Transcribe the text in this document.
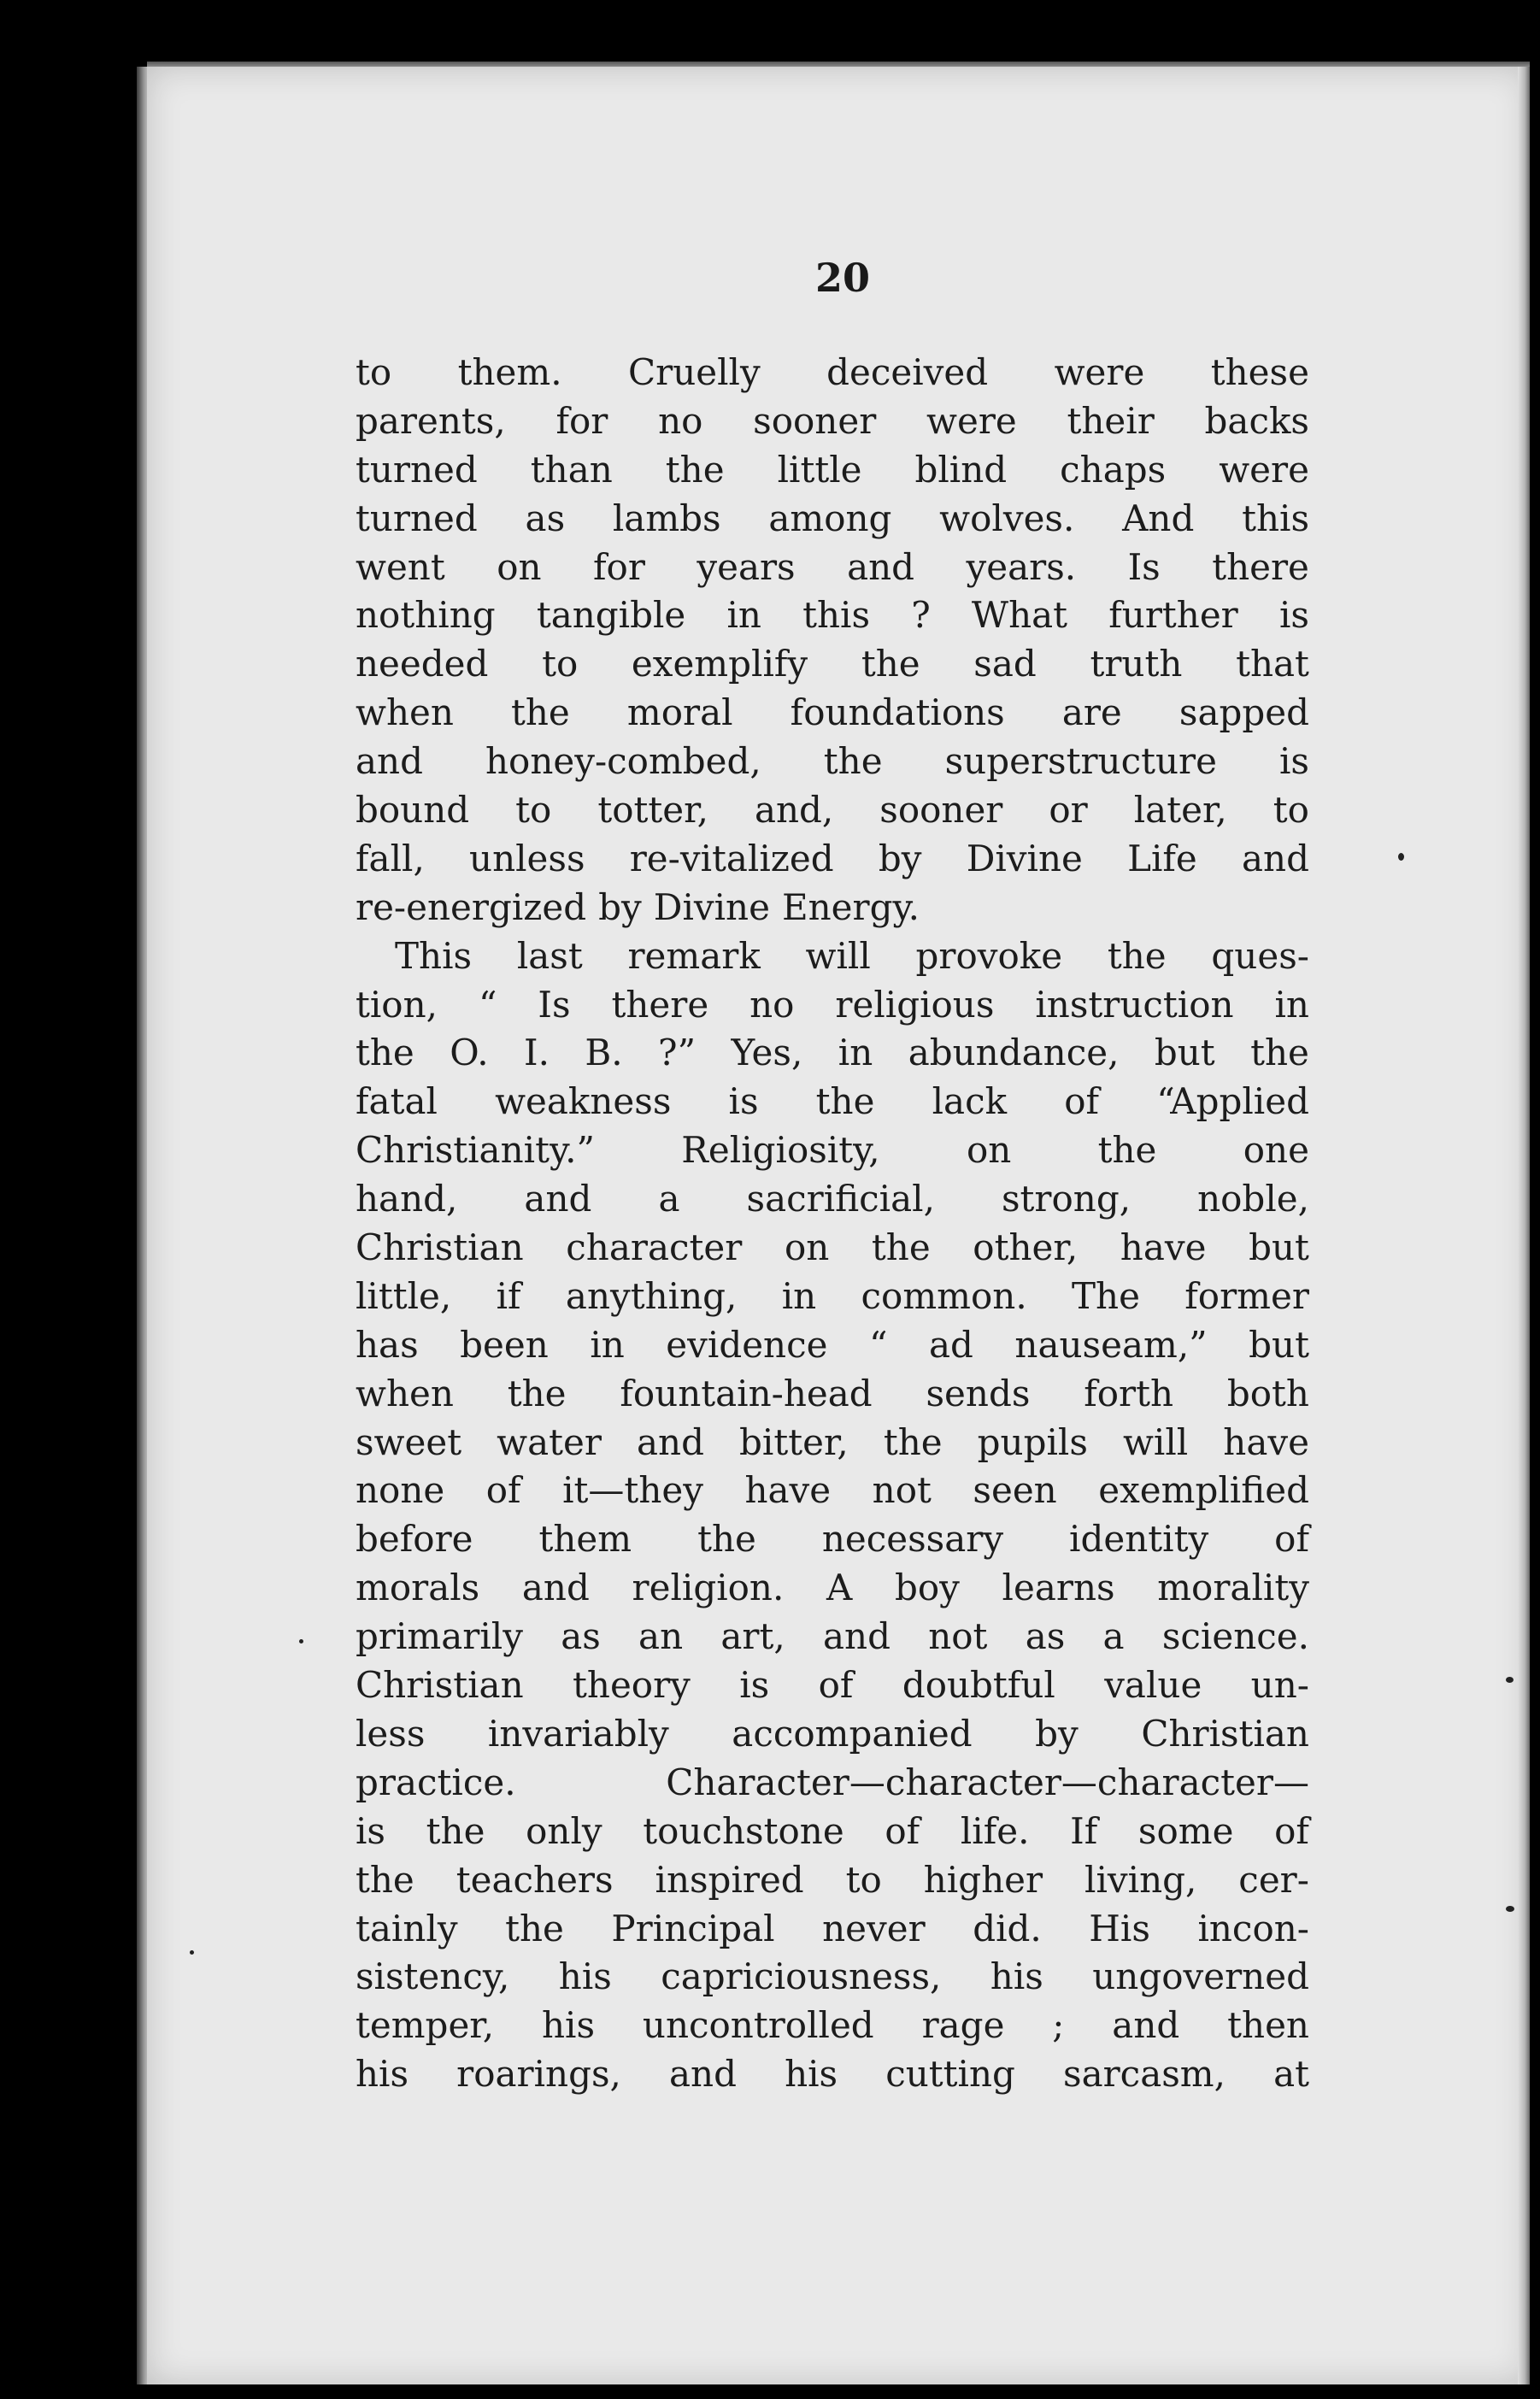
20
to them. Cruelly deceived were these
parents, for no sooner were their backs
turned than the little blind chaps were
turned as lambs among wolves. And this
went on for years and years. Is there
nothing tangible in this ? What further is
needed to exemplify the sad truth that
when the moral foundations are sapped
and honey-combed, the superstructure is
bound to totter, and, sooner or later, to
fall, unless re-vitalized by Divine Life and
re-energized by Divine Energy.
This last remark will provoke the ques-
tion, “ Is there no religious instruction in
the O. I. B. ?” Yes, in abundance, but the
fatal weakness is the lack of “Applied
Christianity.” Religiosity, on the one
hand, and a sacrificial, strong, noble,
Christian character on the other, have but
little, if anything, in common. The former
has been in evidence “ ad nauseam,” but
when the fountain-head sends forth both
sweet water and bitter, the pupils will have
none of it—they have not seen exemplified
before them the necessary identity of
morals and religion. A boy learns morality
primarily as an art, and not as a science.
Christian theory is of doubtful value un-
less invariably accompanied by Christian
practice.	Character—character—character—
is the only touchstone of life. If some of
the teachers inspired to higher living, cer-
tainly the Principal never did. His incon-
sistency, his capriciousness, his ungoverned
temper, his uncontrolled rage ; and then
his roarings, and his cutting sarcasm, at
